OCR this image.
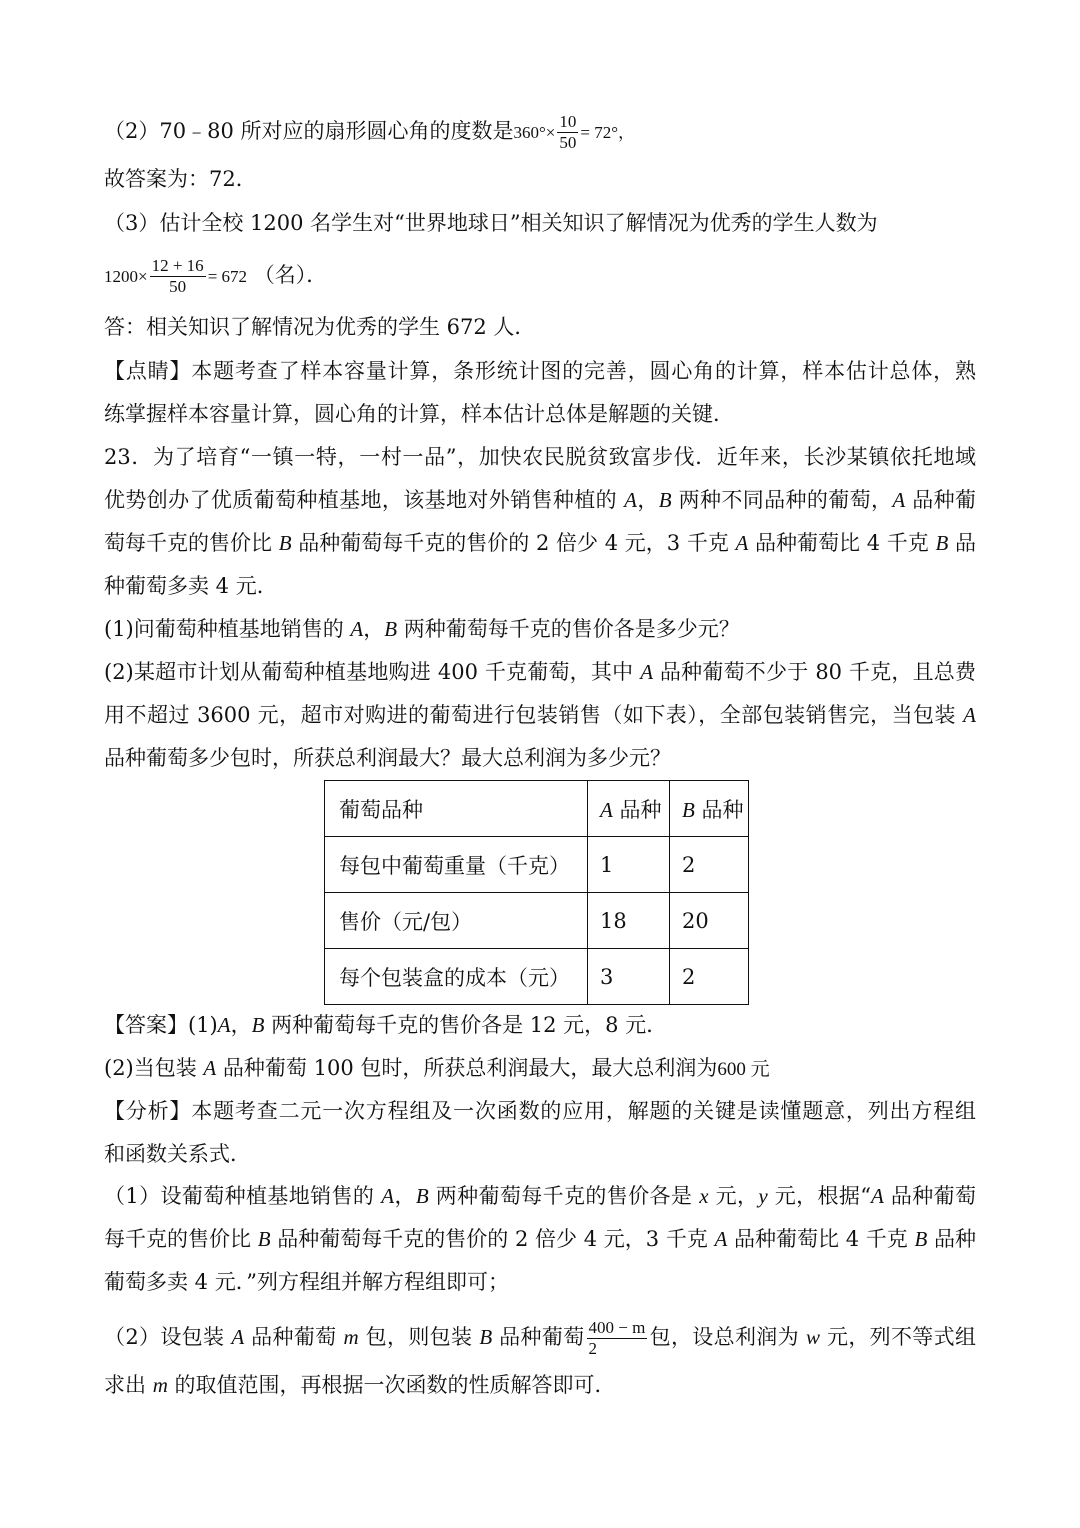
（2）70﹣80 所对应的扇形圆心角的度数是$360^\circ\times \frac{10}{50} = 72^\circ$，
故答案为：72．
（3）估计全校 1200 名学生对“世界地球日”相关知识了解情况为优秀的学生人数为
$1200\times \frac{12 + 16}{50} = 672$ （名）．
答：相关知识了解情况为优秀的学生 672 人．
【点睛】本题考查了样本容量计算，条形统计图的完善，圆心角的计算，样本估计总体，熟
练掌握样本容量计算，圆心角的计算，样本估计总体是解题的关键．
23．为了培育“一镇一特，一村一品”，加快农民脱贫致富步伐．近年来，长沙某镇依托地域
优势创办了优质葡萄种植基地，该基地对外销售种植的 A，B 两种不同品种的葡萄，A 品种葡
萄每千克的售价比 B 品种葡萄每千克的售价的 2 倍少 4 元，3 千克 A 品种葡萄比 4 千克 B 品
种葡萄多卖 4 元．
(1)问葡萄种植基地销售的 A，B 两种葡萄每千克的售价各是多少元？
(2)某超市计划从葡萄种植基地购进 400 千克葡萄，其中 A 品种葡萄不少于 80 千克，且总费
用不超过 3600 元，超市对购进的葡萄进行包装销售（如下表），全部包装销售完，当包装 A
品种葡萄多少包时，所获总利润最大？最大总利润为多少元？
葡萄品种	A 品种	B 品种
每包中葡萄重量（千克）	1	2
售价（元/包）	18	20
每个包装盒的成本（元）	3	2
【答案】(1)A，B 两种葡萄每千克的售价各是 12 元，8 元．
(2)当包装 A 品种葡萄 100 包时，所获总利润最大，最大总利润为600 元
【分析】本题考查二元一次方程组及一次函数的应用，解题的关键是读懂题意，列出方程组
和函数关系式．
（1）设葡萄种植基地销售的 A，B 两种葡萄每千克的售价各是 x 元，y 元，根据“A 品种葡萄
每千克的售价比 B 品种葡萄每千克的售价的 2 倍少 4 元，3 千克 A 品种葡萄比 4 千克 B 品种
葡萄多卖 4 元．”列方程组并解方程组即可；
（2）设包装 A 品种葡萄 m 包，则包装 B 品种葡萄 $\frac{400 - m}{2}$ 包，设总利润为 w 元，列不等式组
求出 m 的取值范围，再根据一次函数的性质解答即可．
